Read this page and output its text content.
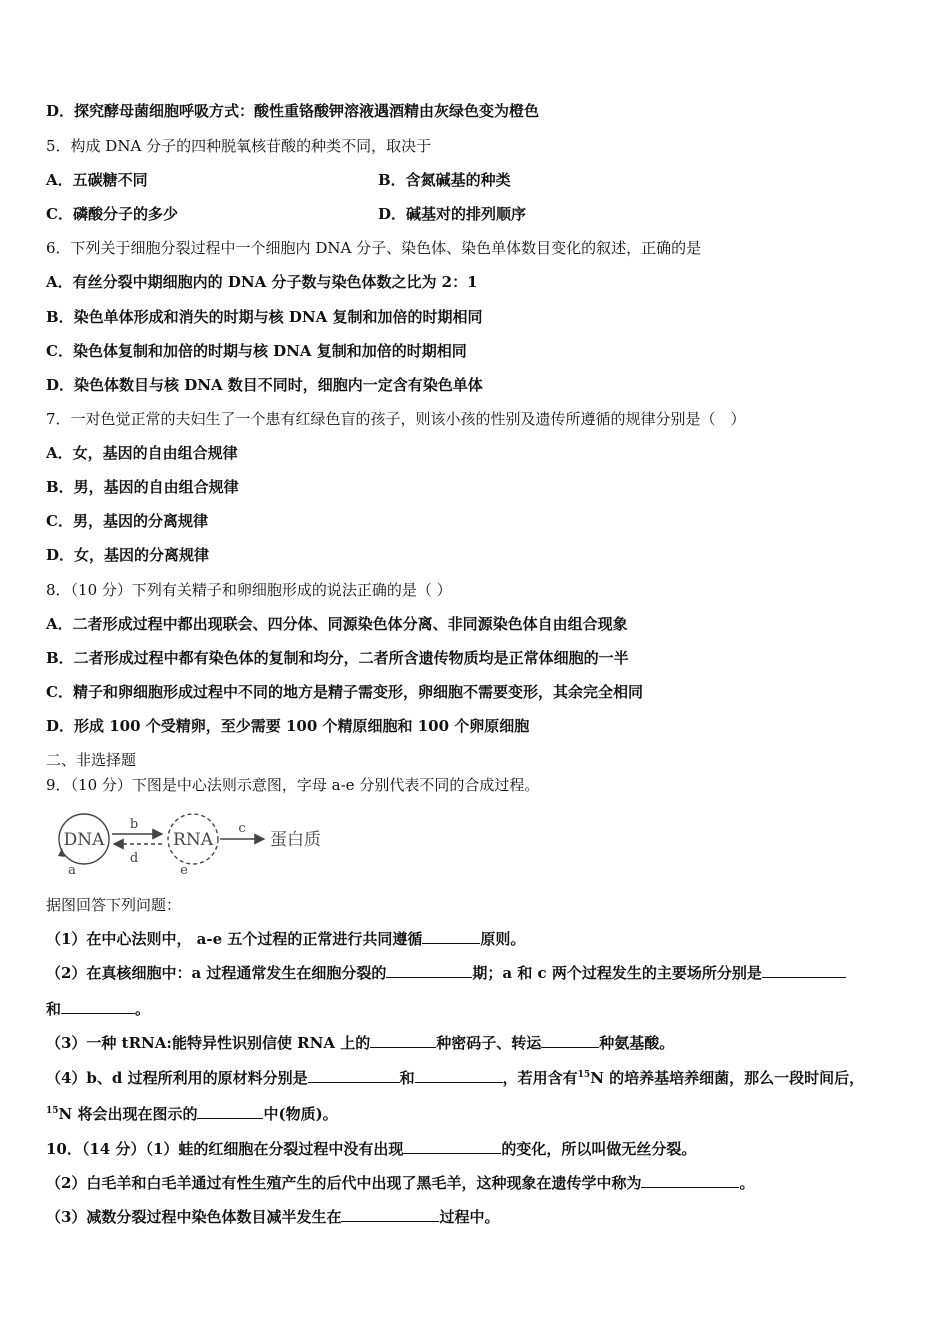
D．探究酵母菌细胞呼吸方式：酸性重铬酸钾溶液遇酒精由灰绿色变为橙色
5．构成 DNA 分子的四种脱氧核苷酸的种类不同，取决于
A．五碳糖不同	B．含氮碱基的种类
C．磷酸分子的多少	D．碱基对的排列顺序
6．下列关于细胞分裂过程中一个细胞内 DNA 分子、染色体、染色单体数目变化的叙述，正确的是
A．有丝分裂中期细胞内的 DNA 分子数与染色体数之比为 2：1
B．染色单体形成和消失的时期与核 DNA 复制和加倍的时期相同
C．染色体复制和加倍的时期与核 DNA 复制和加倍的时期相同
D．染色体数目与核 DNA 数目不同时，细胞内一定含有染色单体
7．一对色觉正常的夫妇生了一个患有红绿色盲的孩子，则该小孩的性别及遗传所遵循的规律分别是（　）
A．女，基因的自由组合规律
B．男，基因的自由组合规律
C．男，基因的分离规律
D．女，基因的分离规律
8．（10 分）下列有关精子和卵细胞形成的说法正确的是（ ）
A．二者形成过程中都出现联会、四分体、同源染色体分离、非同源染色体自由组合现象
B．二者形成过程中都有染色体的复制和均分，二者所含遗传物质均是正常体细胞的一半
C．精子和卵细胞形成过程中不同的地方是精子需变形，卵细胞不需要变形，其余完全相同
D．形成 100 个受精卵，至少需要 100 个精原细胞和 100 个卵原细胞
二、非选择题
9．（10 分）下图是中心法则示意图，字母 a-e 分别代表不同的合成过程。
DNA
a
b
d
RNA
e
c
蛋白质
据图回答下列问题：
（1）在中心法则中， a-e 五个过程的正常进行共同遵循	原则。
（2）在真核细胞中：a 过程通常发生在细胞分裂的	期；a 和 c 两个过程发生的主要场所分别是
和	。
（3）一种 tRNA:能特异性识别信使 RNA 上的	种密码子、转运	种氨基酸。
（4）b、d 过程所利用的原材料分别是	和	，若用含有$^{15}$N 的培养基培养细菌，那么一段时间后，
$^{15}$N 将会出现在图示的	中(物质)。
10．（14 分）（1）蛙的红细胞在分裂过程中没有出现	的变化，所以叫做无丝分裂。
（2）白毛羊和白毛羊通过有性生殖产生的后代中出现了黑毛羊，这种现象在遗传学中称为	。
（3）减数分裂过程中染色体数目减半发生在	过程中。
